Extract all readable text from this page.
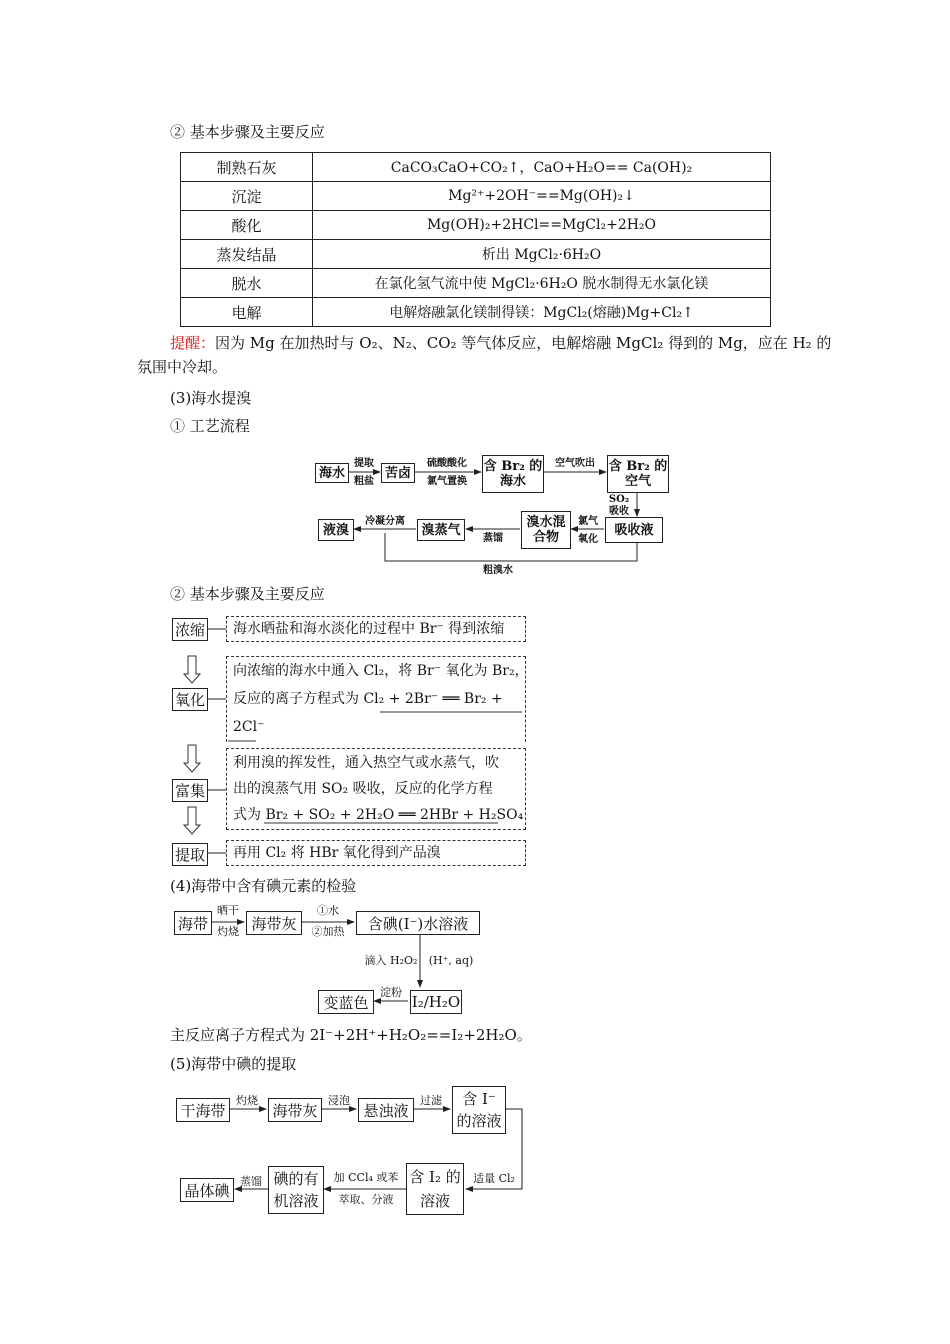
② 基本步骤及主要反应
制熟石灰	CaCO₃CaO+CO₂↑，CaO+H₂O== Ca(OH)₂
沉淀	Mg²⁺+2OH⁻==Mg(OH)₂↓
酸化	Mg(OH)₂+2HCl==MgCl₂+2H₂O
蒸发结晶	析出 MgCl₂·6H₂O
脱水	在氯化氢气流中使 MgCl₂·6H₂O 脱水制得无水氯化镁
电解	电解熔融氯化镁制得镁：MgCl₂(熔融)Mg+Cl₂↑
提醒：因为 Mg 在加热时与 O₂、N₂、CO₂ 等气体反应，电解熔融 MgCl₂ 得到的 Mg，应在 H₂ 的
氛围中冷却。
(3)海水提溴
① 工艺流程
海水
提取
粗盐
苦卤
硫酸酸化
氯气置换
含 Br₂ 的海水
空气吹出	含 Br₂ 的空气
SO₂
吸收
吸收液
氯气
氧化
溴水混合物
蒸馏
溴蒸气
冷凝分离
液溴
粗溴水
② 基本步骤及主要反应
浓缩	海水晒盐和海水淡化的过程中 Br⁻ 得到浓缩
氧化
向浓缩的海水中通入 Cl₂，将 Br⁻ 氧化为 Br₂，
反应的离子方程式为 Cl₂ + 2Br⁻ ══ Br₂ +
2Cl⁻
富集
利用溴的挥发性，通入热空气或水蒸气，吹
出的溴蒸气用 SO₂ 吸收，反应的化学方程
式为 Br₂ + SO₂ + 2H₂O ══ 2HBr + H₂SO₄
提取	再用 Cl₂ 将 HBr 氧化得到产品溴
(4)海带中含有碘元素的检验
海带
晒干
灼烧 海带灰
①水
②加热	含碘(I⁻)水溶液
滴入 H₂O₂	(H⁺, aq)
变蓝色
淀粉
I₂/H₂O
主反应离子方程式为 2I⁻+2H⁺+H₂O₂==I₂+2H₂O。
(5)海带中碘的提取
干海带
灼烧
海带灰
浸泡
悬浊液
过滤	含 I⁻ 的溶液
适量 Cl₂
含 I₂ 的溶液
加 CCl₄ 或苯
萃取、分液
碘的有机溶液
蒸馏
晶体碘
